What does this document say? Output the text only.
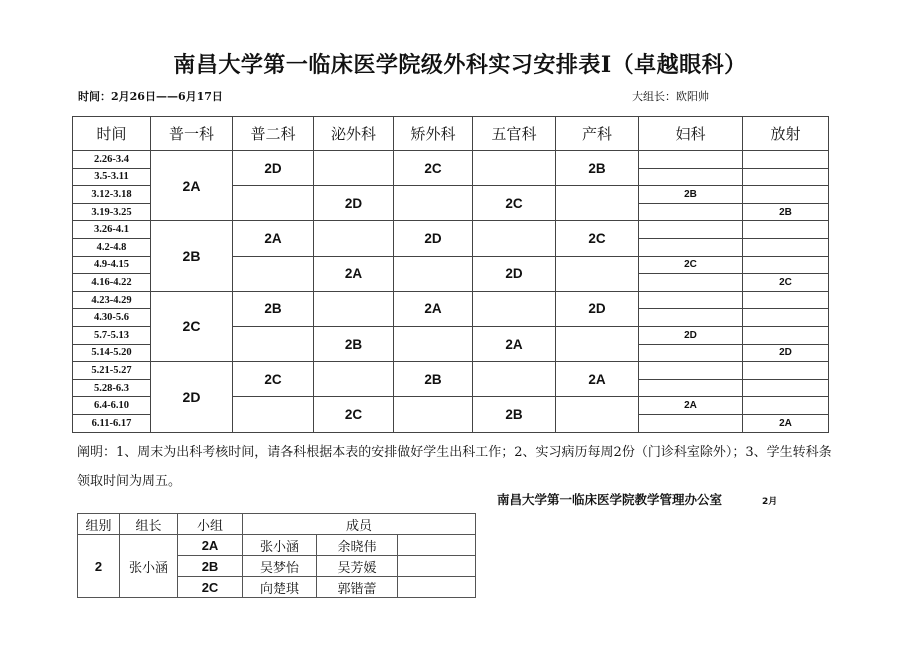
南昌大学第一临床医学院级外科实习安排表Ⅰ（卓越眼科）
时间：2月26日——6月17日	大组长：欧阳帅
时间	普一科	普二科	泌外科	矫外科	五官科	产科	妇科	放射
2.26-3.4	2A	2D		2C		2B		
3.5-3.11								
3.12-3.18			2D		2C		2B	
3.19-3.25								2B
3.26-4.1	2B	2A		2D		2C		
4.2-4.8								
4.9-4.15			2A		2D		2C	
4.16-4.22								2C
4.23-4.29	2C	2B		2A		2D		
4.30-5.6								
5.7-5.13			2B		2A		2D	
5.14-5.20								2D
5.21-5.27	2D	2C		2B		2A		
5.28-6.3								
6.4-6.10			2C		2B		2A	
6.11-6.17								2A
阐明：1、周末为出科考核时间，请各科根据本表的安排做好学生出科工作；2、实习病历每周2份（门诊科室除外）；3、学生转科条领取时间为周五。
南昌大学第一临床医学院教学管理办公室	2月
组别	组长	小组	成员		
2	张小涵	2A	张小涵	余晓伟	
		2B	吴梦怡	吴芳媛	
		2C	向楚琪	郭锴蕾	
